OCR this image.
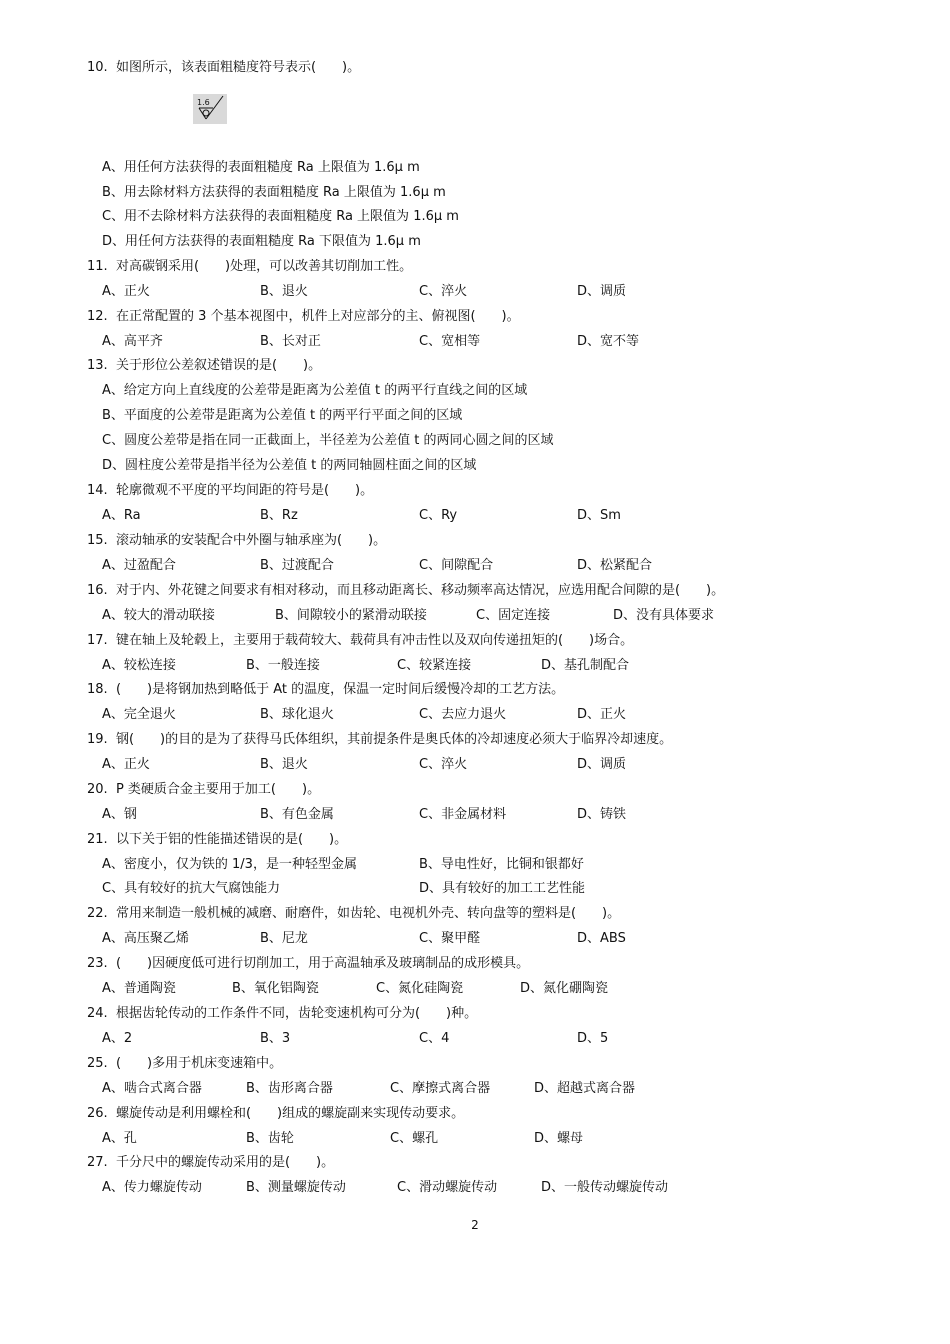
10. 如图所示，该表面粗糙度符号表示(　　)。
1.6
A、用任何方法获得的表面粗糙度 Ra 上限值为 1.6μ m
B、用去除材料方法获得的表面粗糙度 Ra 上限值为 1.6μ m
C、用不去除材料方法获得的表面粗糙度 Ra 上限值为 1.6μ m
D、用任何方法获得的表面粗糙度 Ra 下限值为 1.6μ m
11. 对高碳钢采用(　　)处理，可以改善其切削加工性。
A、正火	B、退火	C、淬火	D、调质
12. 在正常配置的 3 个基本视图中，机件上对应部分的主、俯视图(　　)。
A、高平齐	B、长对正	C、宽相等	D、宽不等
13. 关于形位公差叙述错误的是(　　)。
A、给定方向上直线度的公差带是距离为公差值 t 的两平行直线之间的区域
B、平面度的公差带是距离为公差值 t 的两平行平面之间的区域
C、圆度公差带是指在同一正截面上，半径差为公差值 t 的两同心圆之间的区域
D、圆柱度公差带是指半径为公差值 t 的两同轴圆柱面之间的区域
14. 轮廓微观不平度的平均间距的符号是(　　)。
A、Ra	B、Rz	C、Ry	D、Sm
15. 滚动轴承的安装配合中外圈与轴承座为(　　)。
A、过盈配合	B、过渡配合	C、间隙配合	D、松紧配合
16. 对于内、外花键之间要求有相对移动，而且移动距离长、移动频率高达情况，应选用配合间隙的是(　　)。
A、较大的滑动联接	B、间隙较小的紧滑动联接	C、固定连接	D、没有具体要求
17. 键在轴上及轮毂上，主要用于载荷较大、载荷具有冲击性以及双向传递扭矩的(　　)场合。
A、较松连接	B、一般连接	C、较紧连接	D、基孔制配合
18. (　　)是将钢加热到略低于 At 的温度，保温一定时间后缓慢冷却的工艺方法。
A、完全退火	B、球化退火	C、去应力退火	D、正火
19. 钢(　　)的目的是为了获得马氏体组织，其前提条件是奥氏体的冷却速度必须大于临界冷却速度。
A、正火	B、退火	C、淬火	D、调质
20. P 类硬质合金主要用于加工(　　)。
A、钢	B、有色金属	C、非金属材料	D、铸铁
21. 以下关于铝的性能描述错误的是(　　)。
A、密度小，仅为铁的 1/3，是一种轻型金属	B、导电性好，比铜和银都好
C、具有较好的抗大气腐蚀能力	D、具有较好的加工工艺性能
22. 常用来制造一般机械的减磨、耐磨件，如齿轮、电视机外壳、转向盘等的塑料是(　　)。
A、高压聚乙烯	B、尼龙	C、聚甲醛	D、ABS
23. (　　)因硬度低可进行切削加工，用于高温轴承及玻璃制品的成形模具。
A、普通陶瓷	B、氧化铝陶瓷	C、氮化硅陶瓷	D、氮化硼陶瓷
24. 根据齿轮传动的工作条件不同，齿轮变速机构可分为(　　)种。
A、2	B、3	C、4	D、5
25. (　　)多用于机床变速箱中。
A、啮合式离合器	B、齿形离合器	C、摩擦式离合器	D、超越式离合器
26. 螺旋传动是利用螺栓和(　　)组成的螺旋副来实现传动要求。
A、孔	B、齿轮	C、螺孔	D、螺母
27. 千分尺中的螺旋传动采用的是(　　)。
A、传力螺旋传动	B、测量螺旋传动	C、滑动螺旋传动	D、一般传动螺旋传动
2
